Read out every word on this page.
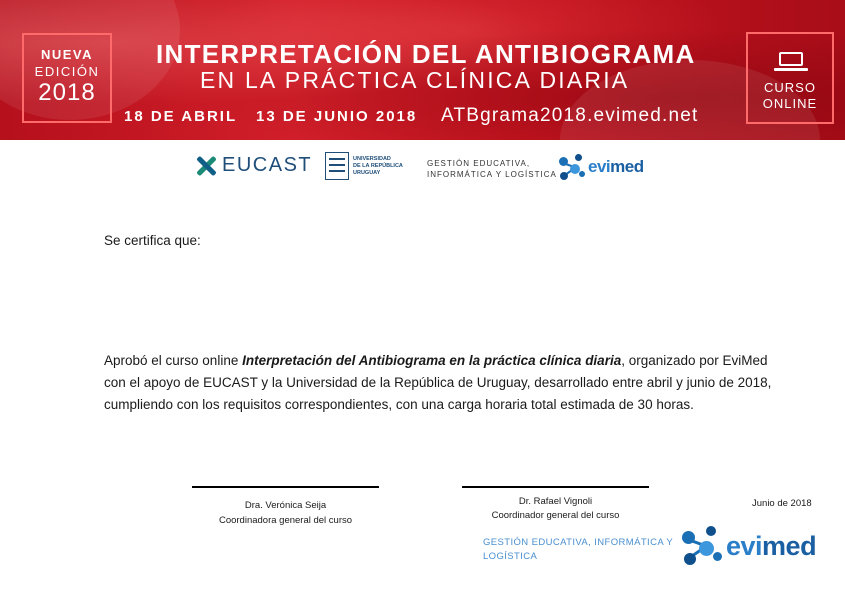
NUEVA
EDICIÓN
2018
INTERPRETACIÓN DEL ANTIBIOGRAMA
EN LA PRÁCTICA CLÍNICA DIARIA
18 DE ABRIL 13 DE JUNIO 2018 ATBgrama2018.evimed.net
CURSO
ONLINE
EUCAST	UNIVERSIDAD
DE LA REPÚBLICA
URUGUAY
GESTIÓN EDUCATIVA,
INFORMÁTICA Y LOGÍSTICA evimed
Se certifica que:
Aprobó el curso online Interpretación del Antibiograma en la práctica clínica diaria, organizado por EviMed con el apoyo de EUCAST y la Universidad de la República de Uruguay, desarrollado entre abril y junio de 2018, cumpliendo con los requisitos correspondientes, con una carga horaria total estimada de 30 horas.
Dra. Verónica Seija
Coordinadora general del curso
Dr. Rafael Vignoli
Coordinador general del curso
GESTIÓN EDUCATIVA, INFORMÁTICA Y LOGÍSTICA
Junio de 2018
evimed
